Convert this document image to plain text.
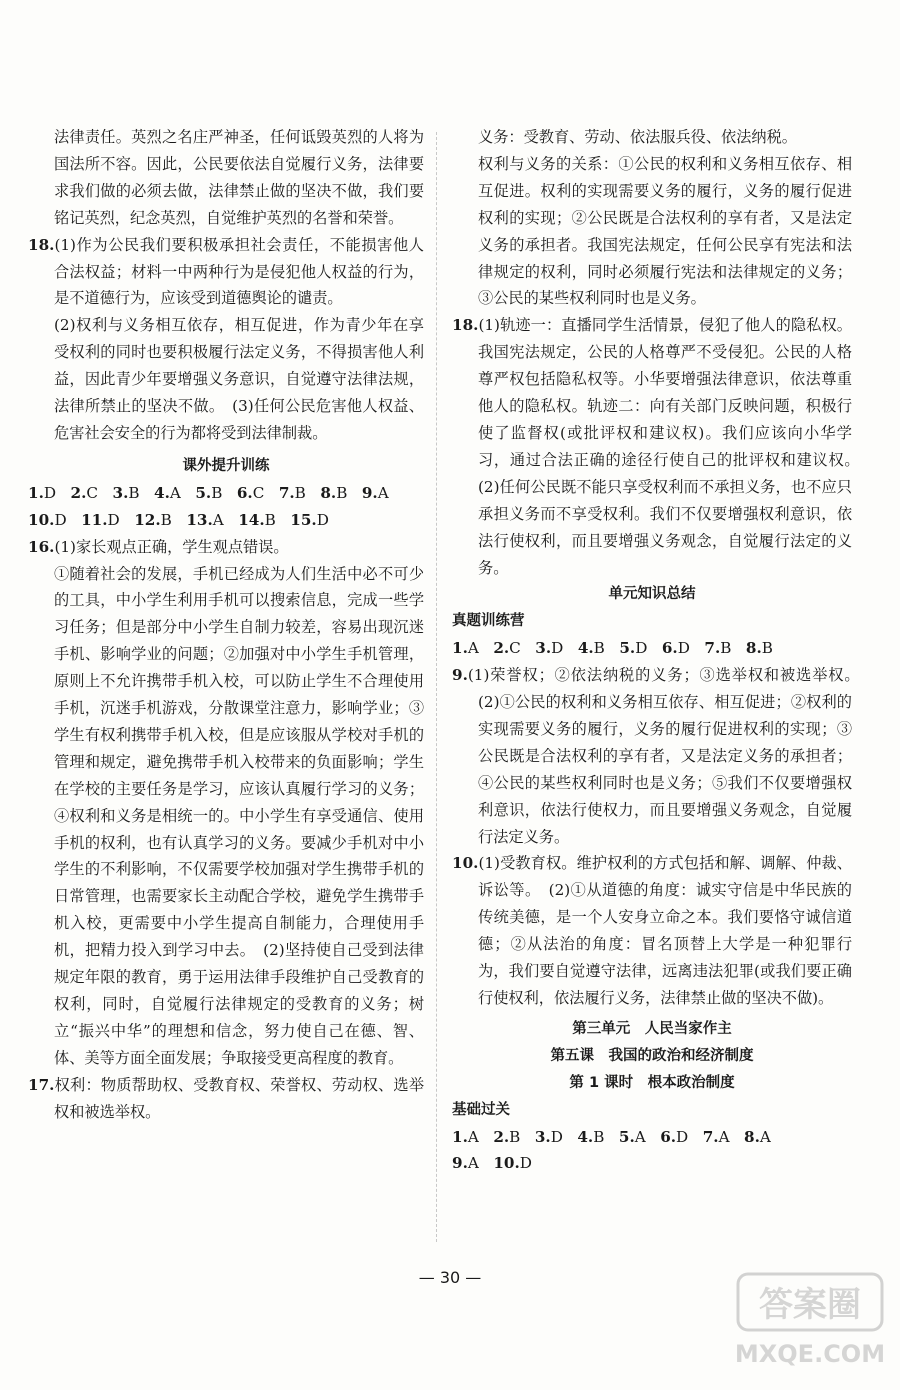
法律责任。英烈之名庄严神圣，任何诋毁英烈的人将为国法所不容。因此，公民要依法自觉履行义务，法律要求我们做的必须去做，法律禁止做的坚决不做，我们要铭记英烈，纪念英烈，自觉维护英烈的名誉和荣誉。

18.(1)作为公民我们要积极承担社会责任，不能损害他人合法权益；材料一中两种行为是侵犯他人权益的行为，是不道德行为，应该受到道德舆论的谴责。

(2)权利与义务相互依存，相互促进，作为青少年在享受权利的同时也要积极履行法定义务，不得损害他人利益，因此青少年要增强义务意识，自觉遵守法律法规，法律所禁止的坚决不做。　(3)任何公民危害他人权益、危害社会安全的行为都将受到法律制裁。

课外提升训练

1.D 2.C 3.B 4.A 5.B 6.C 7.B 8.B 9.A

10.D 11.D 12.B 13.A 14.B 15.D

16.(1)家长观点正确，学生观点错误。

①随着社会的发展，手机已经成为人们生活中必不可少的工具，中小学生利用手机可以搜索信息，完成一些学习任务；但是部分中小学生自制力较差，容易出现沉迷手机、影响学业的问题；②加强对中小学生手机管理，原则上不允许携带手机入校，可以防止学生不合理使用手机，沉迷手机游戏，分散课堂注意力，影响学业；③学生有权利携带手机入校，但是应该服从学校对手机的管理和规定，避免携带手机入校带来的负面影响；学生在学校的主要任务是学习，应该认真履行学习的义务；④权利和义务是相统一的。中小学生有享受通信、使用手机的权利，也有认真学习的义务。要减少手机对中小学生的不利影响，不仅需要学校加强对学生携带手机的日常管理，也需要家长主动配合学校，避免学生携带手机入校，更需要中小学生提高自制能力，合理使用手机，把精力投入到学习中去。　(2)坚持使自己受到法律规定年限的教育，勇于运用法律手段维护自己受教育的权利，同时，自觉履行法律规定的受教育的义务；树立“振兴中华”的理想和信念，努力使自己在德、智、体、美等方面全面发展；争取接受更高程度的教育。

17.权利：物质帮助权、受教育权、荣誉权、劳动权、选举权和被选举权。

义务：受教育、劳动、依法服兵役、依法纳税。

权利与义务的关系：①公民的权利和义务相互依存、相互促进。权利的实现需要义务的履行，义务的履行促进权利的实现；②公民既是合法权利的享有者，又是法定义务的承担者。我国宪法规定，任何公民享有宪法和法律规定的权利，同时必须履行宪法和法律规定的义务；③公民的某些权利同时也是义务。

18.(1)轨迹一：直播同学生活情景，侵犯了他人的隐私权。我国宪法规定，公民的人格尊严不受侵犯。公民的人格尊严权包括隐私权等。小华要增强法律意识，依法尊重他人的隐私权。轨迹二：向有关部门反映问题，积极行使了监督权(或批评权和建议权)。我们应该向小华学习，通过合法正确的途径行使自己的批评权和建议权。　(2)任何公民既不能只享受权利而不承担义务，也不应只承担义务而不享受权利。我们不仅要增强权利意识，依法行使权利，而且要增强义务观念，自觉履行法定的义务。

单元知识总结

真题训练营

1.A 2.C 3.D 4.B 5.D 6.D 7.B 8.B

9.(1)荣誉权；②依法纳税的义务；③选举权和被选举权。　(2)①公民的权利和义务相互依存、相互促进；②权利的实现需要义务的履行，义务的履行促进权利的实现；③公民既是合法权利的享有者，又是法定义务的承担者；④公民的某些权利同时也是义务；⑤我们不仅要增强权利意识，依法行使权力，而且要增强义务观念，自觉履行法定义务。

10.(1)受教育权。维护权利的方式包括和解、调解、仲裁、诉讼等。　(2)①从道德的角度：诚实守信是中华民族的传统美德，是一个人安身立命之本。我们要恪守诚信道德；②从法治的角度：冒名顶替上大学是一种犯罪行为，我们要自觉遵守法律，远离违法犯罪(或我们要正确行使权利，依法履行义务，法律禁止做的坚决不做)。

第三单元　人民当家作主

第五课　我国的政治和经济制度

第 1 课时　根本政治制度

基础过关

1.A 2.B 3.D 4.B 5.A 6.D 7.A 8.A

9.A 10.D

— 30 —
答案圈
MXQE.COM
